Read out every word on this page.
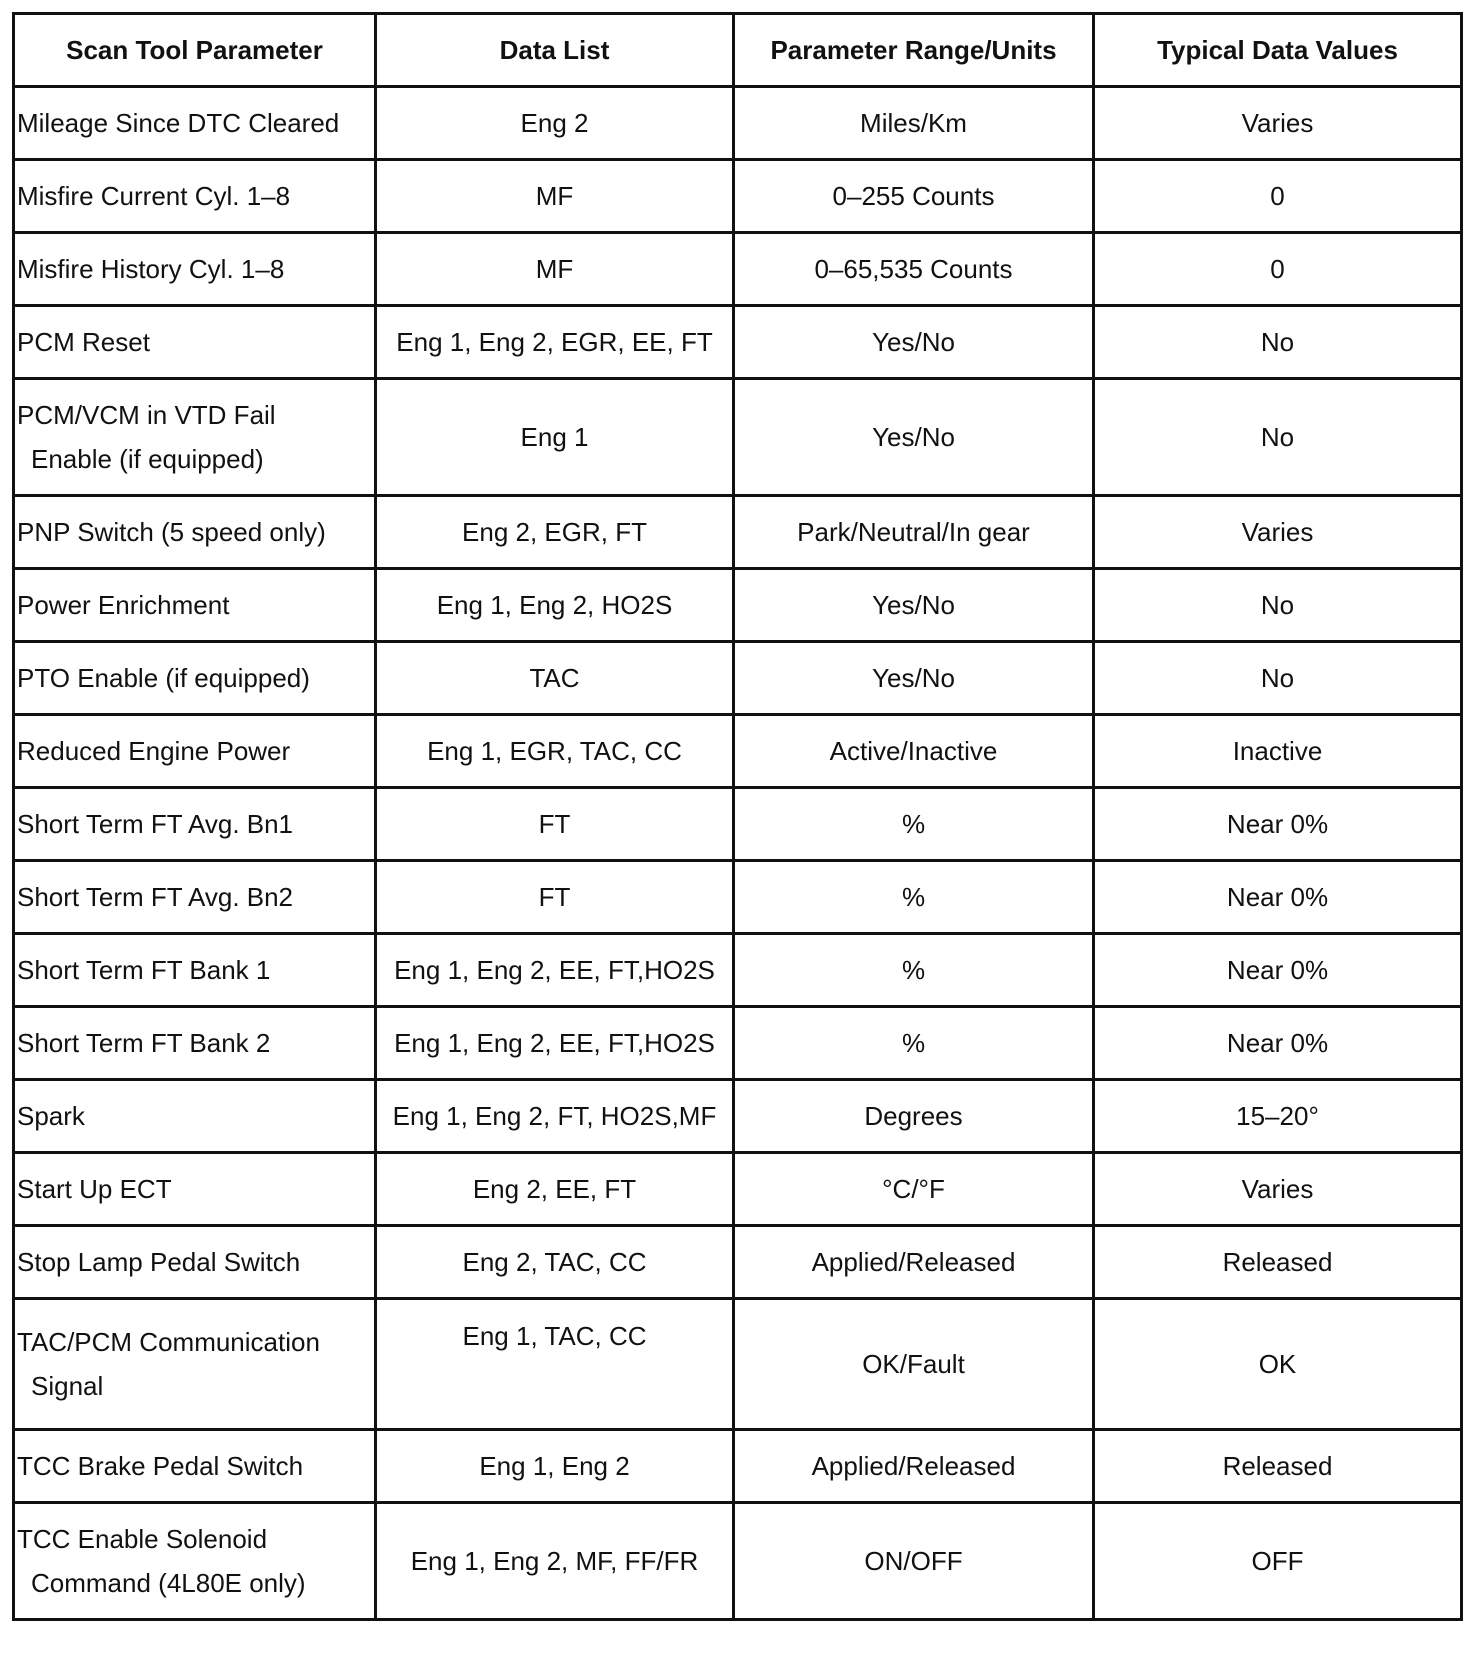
Scan Tool Parameter	Data List	Parameter Range/Units	Typical Data Values
Mileage Since DTC Cleared	Eng 2	Miles/Km	Varies
Misfire Current Cyl. 1–8	MF	0–255 Counts	0
Misfire History Cyl. 1–8	MF	0–65,535 Counts	0
PCM Reset	Eng 1, Eng 2, EGR, EE, FT	Yes/No	No
PCM/VCM in VTD Fail
Enable (if equipped)	Eng 1	Yes/No	No
PNP Switch (5 speed only)	Eng 2, EGR, FT	Park/Neutral/In gear	Varies
Power Enrichment	Eng 1, Eng 2, HO2S	Yes/No	No
PTO Enable (if equipped)	TAC	Yes/No	No
Reduced Engine Power	Eng 1, EGR, TAC, CC	Active/Inactive	Inactive
Short Term FT Avg. Bn1	FT	%	Near 0%
Short Term FT Avg. Bn2	FT	%	Near 0%
Short Term FT Bank 1	Eng 1, Eng 2, EE, FT,HO2S	%	Near 0%
Short Term FT Bank 2	Eng 1, Eng 2, EE, FT,HO2S	%	Near 0%
Spark	Eng 1, Eng 2, FT, HO2S,MF	Degrees	15–20°
Start Up ECT	Eng 2, EE, FT	°C/°F	Varies
Stop Lamp Pedal Switch	Eng 2, TAC, CC	Applied/Released	Released
TAC/PCM Communication
Signal	Eng 1, TAC, CC	OK/Fault	OK
TCC Brake Pedal Switch	Eng 1, Eng 2	Applied/Released	Released
TCC Enable Solenoid
Command (4L80E only)	Eng 1, Eng 2, MF, FF/FR	ON/OFF	OFF
